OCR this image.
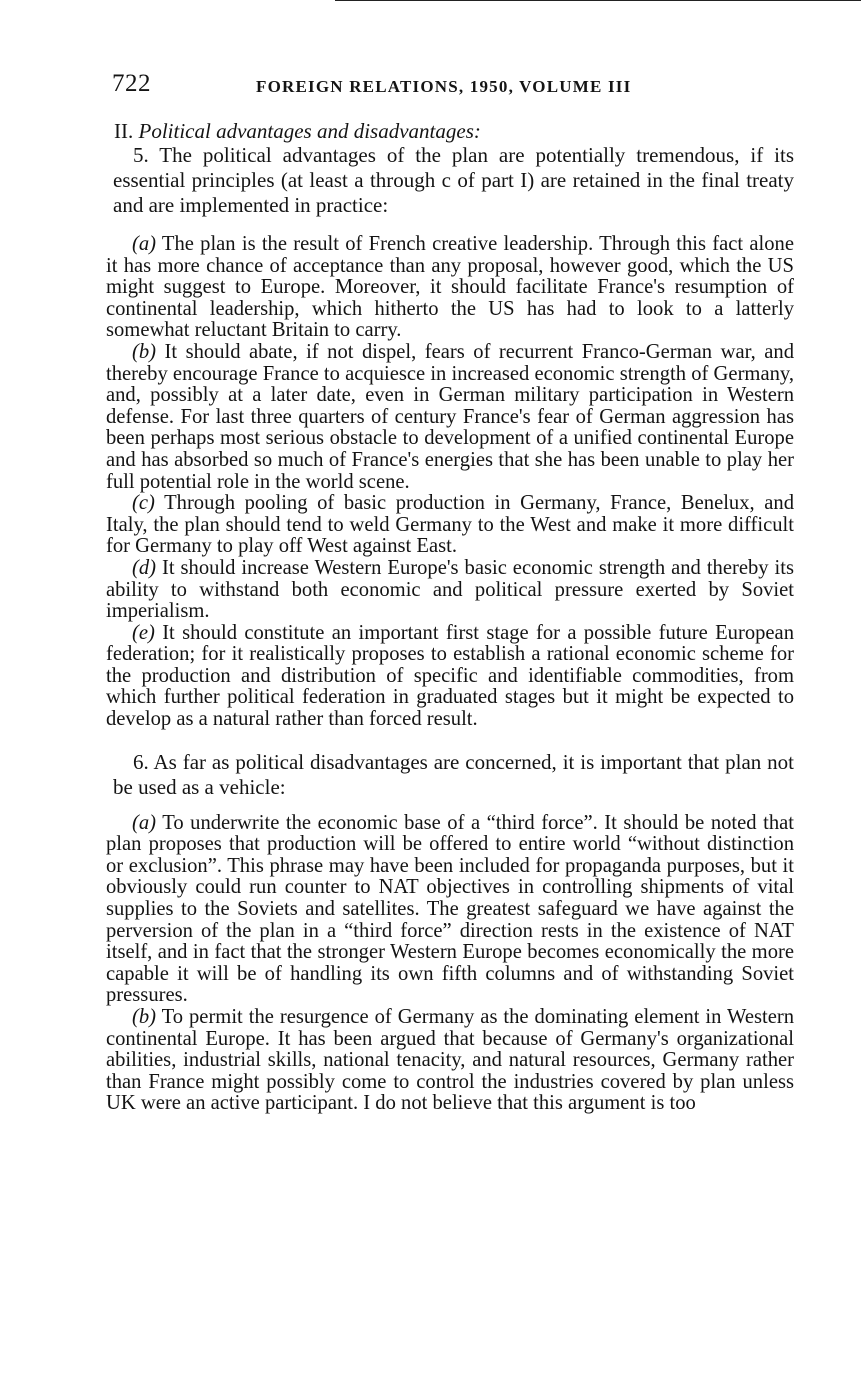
722	FOREIGN RELATIONS, 1950, VOLUME III

II. Political advantages and disadvantages:

5. The political advantages of the plan are potentially tremendous, if its essential principles (at least a through c of part I) are retained in the final treaty and are implemented in practice:

(a) The plan is the result of French creative leadership. Through this fact alone it has more chance of acceptance than any proposal, however good, which the US might suggest to Europe. Moreover, it should facilitate France's resumption of continental leadership, which hitherto the US has had to look to a latterly somewhat reluctant Britain to carry.

(b) It should abate, if not dispel, fears of recurrent Franco-German war, and thereby encourage France to acquiesce in increased economic strength of Germany, and, possibly at a later date, even in German military participation in Western defense. For last three quarters of century France's fear of German aggression has been perhaps most serious obstacle to development of a unified continental Europe and has absorbed so much of France's energies that she has been unable to play her full potential role in the world scene.

(c) Through pooling of basic production in Germany, France, Benelux, and Italy, the plan should tend to weld Germany to the West and make it more difficult for Germany to play off West against East.

(d) It should increase Western Europe's basic economic strength and thereby its ability to withstand both economic and political pressure exerted by Soviet imperialism.

(e) It should constitute an important first stage for a possible future European federation; for it realistically proposes to establish a rational economic scheme for the production and distribution of specific and identifiable commodities, from which further political federation in graduated stages but it might be expected to develop as a natural rather than forced result.

6. As far as political disadvantages are concerned, it is important that plan not be used as a vehicle:

(a) To underwrite the economic base of a “third force”. It should be noted that plan proposes that production will be offered to entire world “without distinction or exclusion”. This phrase may have been included for propaganda purposes, but it obviously could run counter to NAT objectives in controlling shipments of vital supplies to the Soviets and satellites. The greatest safeguard we have against the perversion of the plan in a “third force” direction rests in the existence of NAT itself, and in fact that the stronger Western Europe becomes economically the more capable it will be of handling its own fifth columns and of withstanding Soviet pressures.

(b) To permit the resurgence of Germany as the dominating element in Western continental Europe. It has been argued that because of Germany's organizational abilities, industrial skills, national tenacity, and natural resources, Germany rather than France might possibly come to control the industries covered by plan unless UK were an active participant. I do not believe that this argument is too
